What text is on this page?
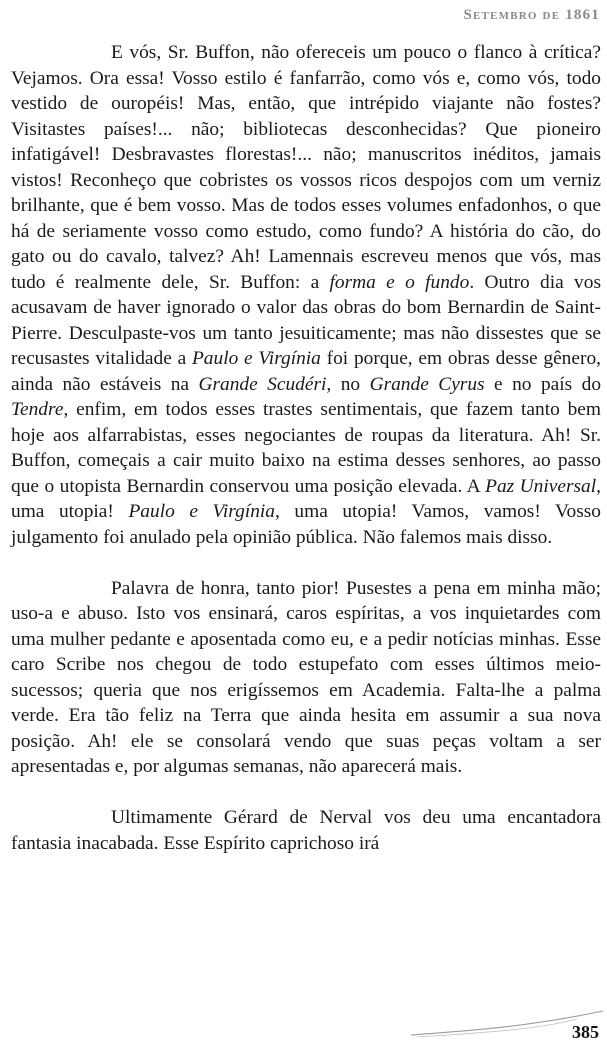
Setembro de 1861

E vós, Sr. Buffon, não ofereceis um pouco o flanco à crítica? Vejamos. Ora essa! Vosso estilo é fanfarrão, como vós e, como vós, todo vestido de ouropéis! Mas, então, que intrépido viajante não fostes? Visitastes países!... não; bibliotecas desconhecidas? Que pioneiro infatigável! Desbravastes florestas!... não; manuscritos inéditos, jamais vistos! Reconheço que cobristes os vossos ricos despojos com um verniz brilhante, que é bem vosso. Mas de todos esses volumes enfadonhos, o que há de seriamente vosso como estudo, como fundo? A história do cão, do gato ou do cavalo, talvez? Ah! Lamennais escreveu menos que vós, mas tudo é realmente dele, Sr. Buffon: a forma e o fundo. Outro dia vos acusavam de haver ignorado o valor das obras do bom Bernardin de Saint-Pierre. Desculpaste-vos um tanto jesuiticamente; mas não dissestes que se recusastes vitalidade a Paulo e Virgínia foi porque, em obras desse gênero, ainda não estáveis na Grande Scudéri, no Grande Cyrus e no país do Tendre, enfim, em todos esses trastes sentimentais, que fazem tanto bem hoje aos alfarrabistas, esses negociantes de roupas da literatura. Ah! Sr. Buffon, começais a cair muito baixo na estima desses senhores, ao passo que o utopista Bernardin conservou uma posição elevada. A Paz Universal, uma utopia! Paulo e Virgínia, uma utopia! Vamos, vamos! Vosso julgamento foi anulado pela opinião pública. Não falemos mais disso.

Palavra de honra, tanto pior! Pusestes a pena em minha mão; uso-a e abuso. Isto vos ensinará, caros espíritas, a vos inquietardes com uma mulher pedante e aposentada como eu, e a pedir notícias minhas. Esse caro Scribe nos chegou de todo estupefato com esses últimos meio-sucessos; queria que nos erigíssemos em Academia. Falta-lhe a palma verde. Era tão feliz na Terra que ainda hesita em assumir a sua nova posição. Ah! ele se consolará vendo que suas peças voltam a ser apresentadas e, por algumas semanas, não aparecerá mais.

Ultimamente Gérard de Nerval vos deu uma encantadora fantasia inacabada. Esse Espírito caprichoso irá

385
